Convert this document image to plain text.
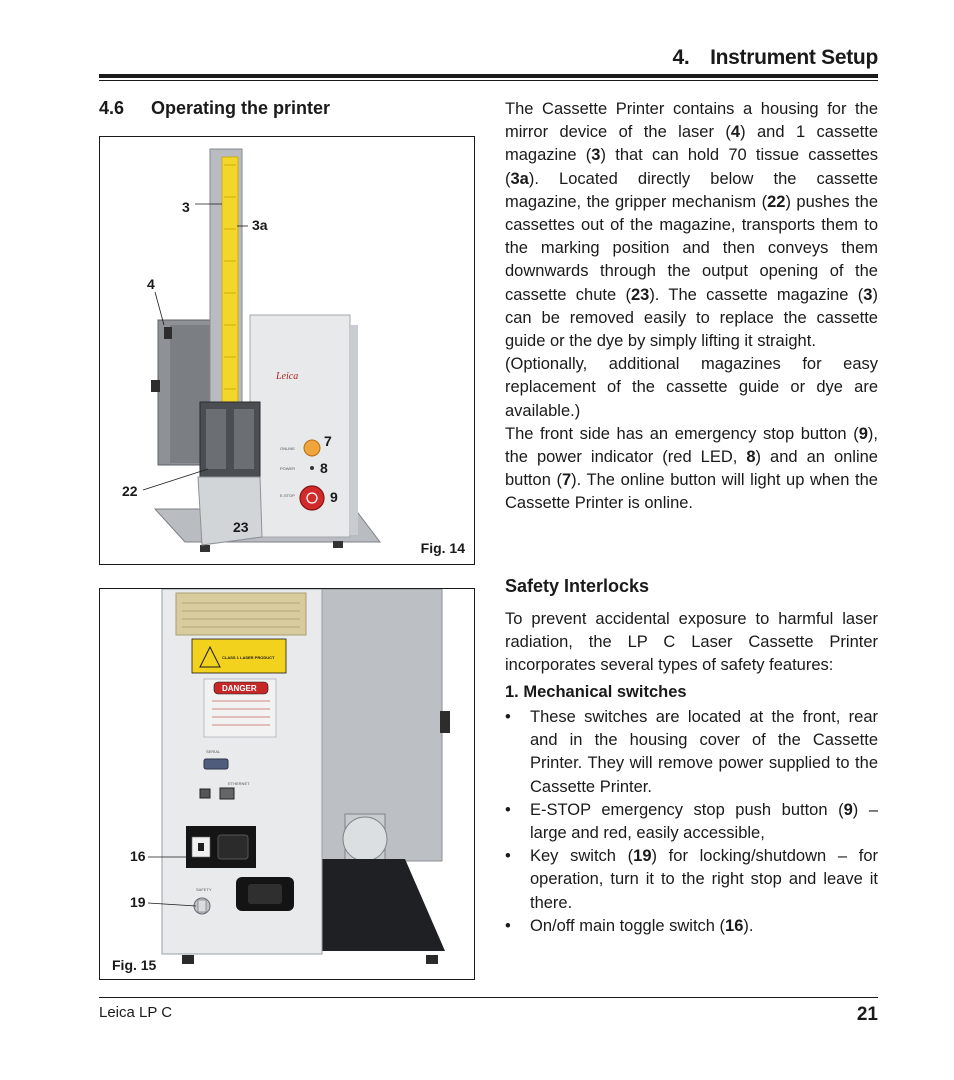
4. Instrument Setup
4.6 Operating the printer
Leica
ONLINE
POWER
E-STOP
3
3a
4
7
8
9
22
23
Fig. 14
CLASS 1 LASER PRODUCT
DANGER
SERIAL
ETHERNET
SAFETY
16
19
Fig. 15

The Cassette Printer contains a housing for the mirror device of the laser (4) and 1 cassette magazine (3) that can hold 70 tissue cassettes (3a). Located directly below the cassette magazine, the gripper mechanism (22) pushes the cassettes out of the magazine, transports them to the marking position and then conveys them downwards through the output opening of the cassette chute (23). The cassette magazine (3) can be removed easily to replace the cassette guide or the dye by simply lifting it straight.

(Optionally, additional magazines for easy replacement of the cassette guide or dye are available.)

The front side has an emergency stop button (9), the power indicator (red LED, 8) and an online button (7). The online button will light up when the Cassette Printer is online.

Safety Interlocks

To prevent accidental exposure to harmful laser radiation, the LP C Laser Cassette Printer incorporates several types of safety features:

1. Mechanical switches
• These switches are located at the front, rear and in the housing cover of the Cassette Printer. They will remove power supplied to the Cassette Printer.
• E-STOP emergency stop push button (9) – large and red, easily accessible,
• Key switch (19) for locking/shutdown – for operation, turn it to the right stop and leave it there.
• On/off main toggle switch (16).
Leica LP C	21
